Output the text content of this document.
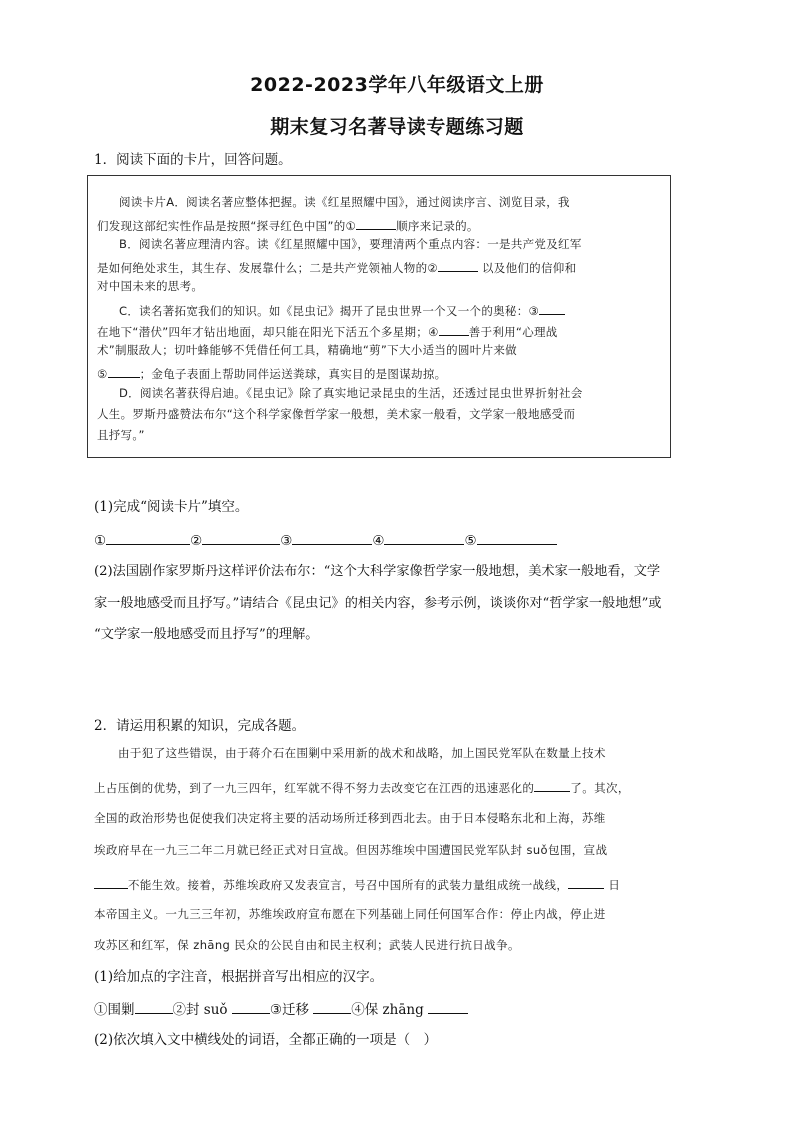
2022-2023学年八年级语文上册
期末复习名著导读专题练习题
1．阅读下面的卡片，回答问题。
阅读卡片A．阅读名著应整体把握。读《红星照耀中国》，通过阅读序言、浏览目录，我
们发现这部纪实性作品是按照“探寻红色中国”的①	顺序来记录的。
B．阅读名著应理清内容。读《红星照耀中国》，要理清两个重点内容：一是共产党及红军
是如何绝处求生，其生存、发展靠什么；二是共产党领袖人物的②	以及他们的信仰和
对中国未来的思考。
C．读名著拓宽我们的知识。如《昆虫记》揭开了昆虫世界一个又一个的奥秘：③
在地下“潜伏”四年才钻出地面，却只能在阳光下活五个多星期；④	善于利用“心理战
术”制服敌人；切叶蜂能够不凭借任何工具，精确地“剪”下大小适当的圆叶片来做
⑤	；金龟子表面上帮助同伴运送粪球，真实目的是图谋劫掠。
D．阅读名著获得启迪。《昆虫记》除了真实地记录昆虫的生活，还透过昆虫世界折射社会
人生。罗斯丹盛赞法布尔“这个科学家像哲学家一般想，美术家一般看，文学家一般地感受而
且抒写。”
(1)完成“阅读卡片”填空。
①	②	③	④	⑤
(2)法国剧作家罗斯丹这样评价法布尔：“这个大科学家像哲学家一般地想，美术家一般地看，文学
家一般地感受而且抒写。”请结合《昆虫记》的相关内容，参考示例，谈谈你对“哲学家一般地想”或
“文学家一般地感受而且抒写”的理解。
2．请运用积累的知识，完成各题。
由于犯了这些错误，由于蒋介石在围剿中采用新的战术和战略，加上国民党军队在数量上技术
上占压倒的优势，到了一九三四年，红军就不得不努力去改变它在江西的迅速恶化的	了。其次，
全国的政治形势也促使我们决定将主要的活动场所迁移到西北去。由于日本侵略东北和上海，苏维
埃政府早在一九三二年二月就已经正式对日宣战。但因苏维埃中国遭国民党军队封 suǒ包围，宣战
不能生效。接着，苏维埃政府又发表宣言，号召中国所有的武装力量组成统一战线，	日
本帝国主义。一九三三年初，苏维埃政府宣布愿在下列基础上同任何国军合作：停止内战，停止进
攻苏区和红军，保 zhāng 民众的公民自由和民主权利；武装人民进行抗日战争。
(1)给加点的字注音，根据拼音写出相应的汉字。
①围剿	②封 suǒ	③迁移	④保 zhāng
(2)依次填入文中横线处的词语，全都正确的一项是（　）
